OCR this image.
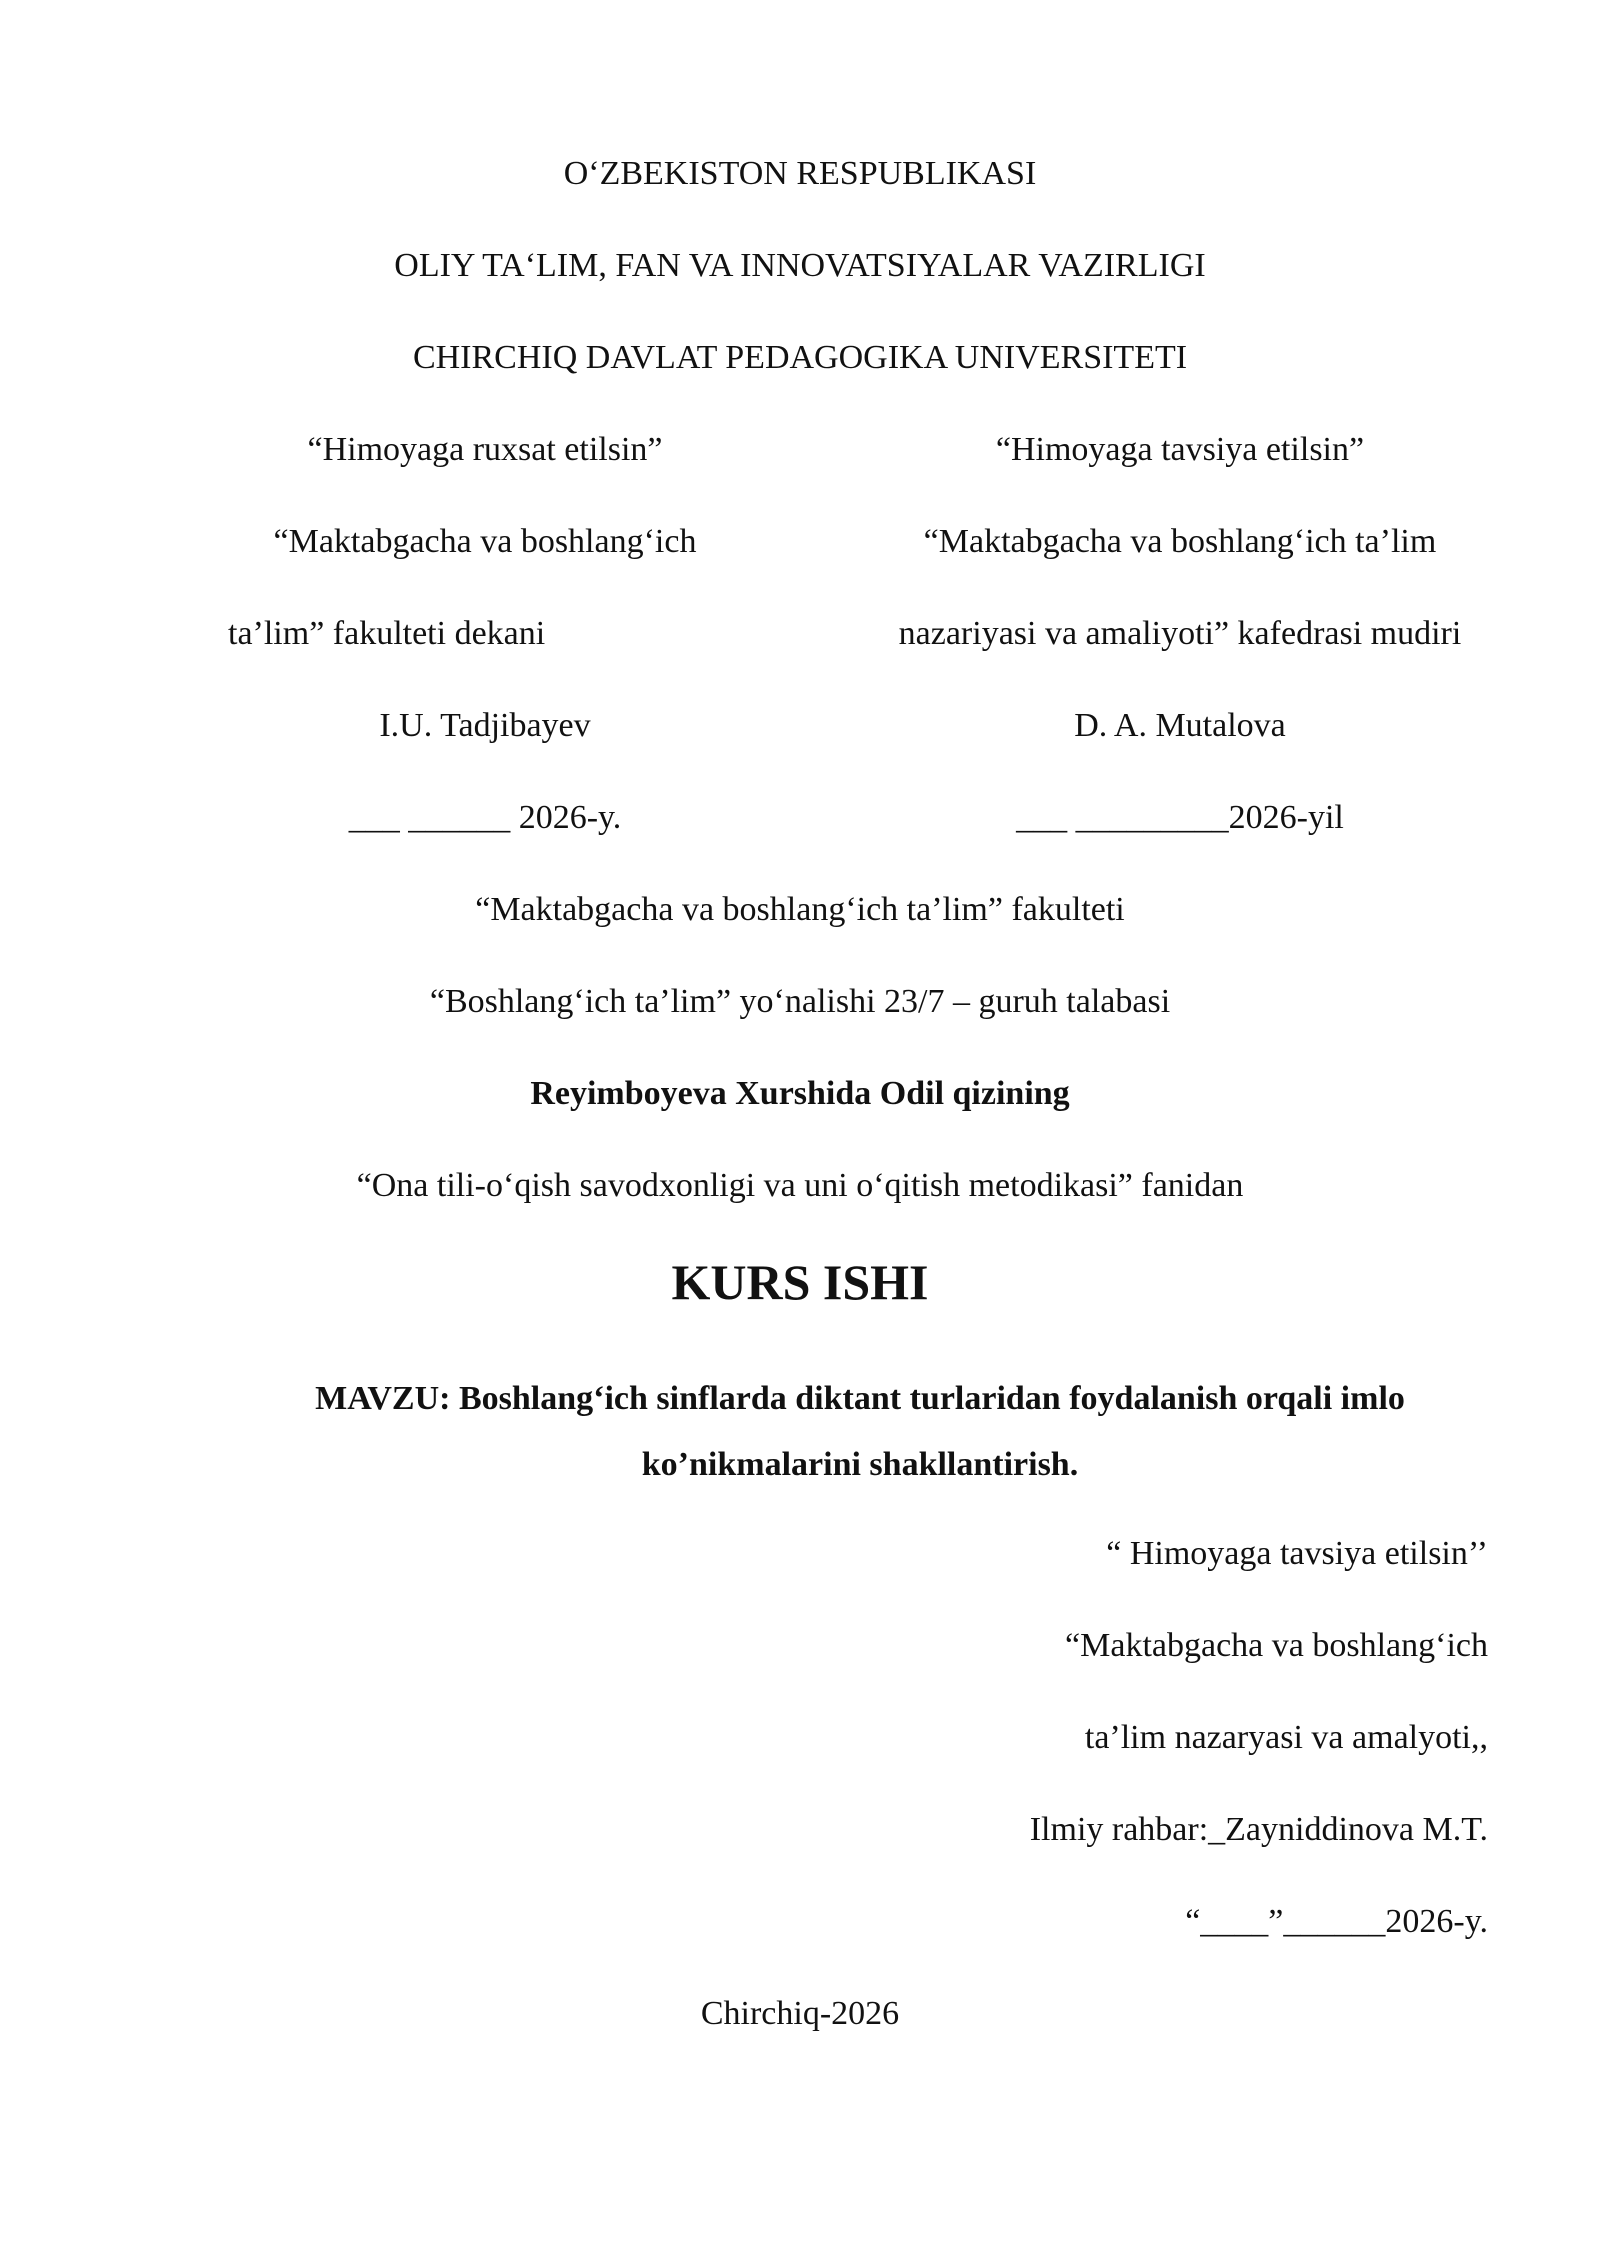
O‘ZBEKISTON RESPUBLIKASI
OLIY TA‘LIM, FAN VA INNOVATSIYALAR VAZIRLIGI
CHIRCHIQ DAVLAT PEDAGOGIKA UNIVERSITETI
“Himoyaga ruxsat etilsin”
“Maktabgacha va boshlang‘ich
ta’lim” fakulteti dekani
I.U. Tadjibayev
___ ______ 2026-y.
“Himoyaga tavsiya etilsin”
“Maktabgacha va boshlang‘ich ta’lim
nazariyasi va amaliyoti” kafedrasi mudiri
D. A. Mutalova
___ _________2026-yil
“Maktabgacha va boshlang‘ich ta’lim” fakulteti
“Boshlang‘ich ta’lim” yo‘nalishi 23/7 – guruh talabasi
Reyimboyeva Xurshida Odil qizining
“Ona tili-o‘qish savodxonligi va uni o‘qitish metodikasi” fanidan
KURS ISHI
MAVZU: Boshlang‘ich sinflarda diktant turlaridan foydalanish orqali imlo
ko’nikmalarini shakllantirish.
“ Himoyaga tavsiya etilsin’’
“Maktabgacha va boshlang‘ich
ta’lim nazaryasi va amalyoti,,
Ilmiy rahbar:_Zayniddinova M.T.
“____”______2026-y.
Chirchiq-2026
